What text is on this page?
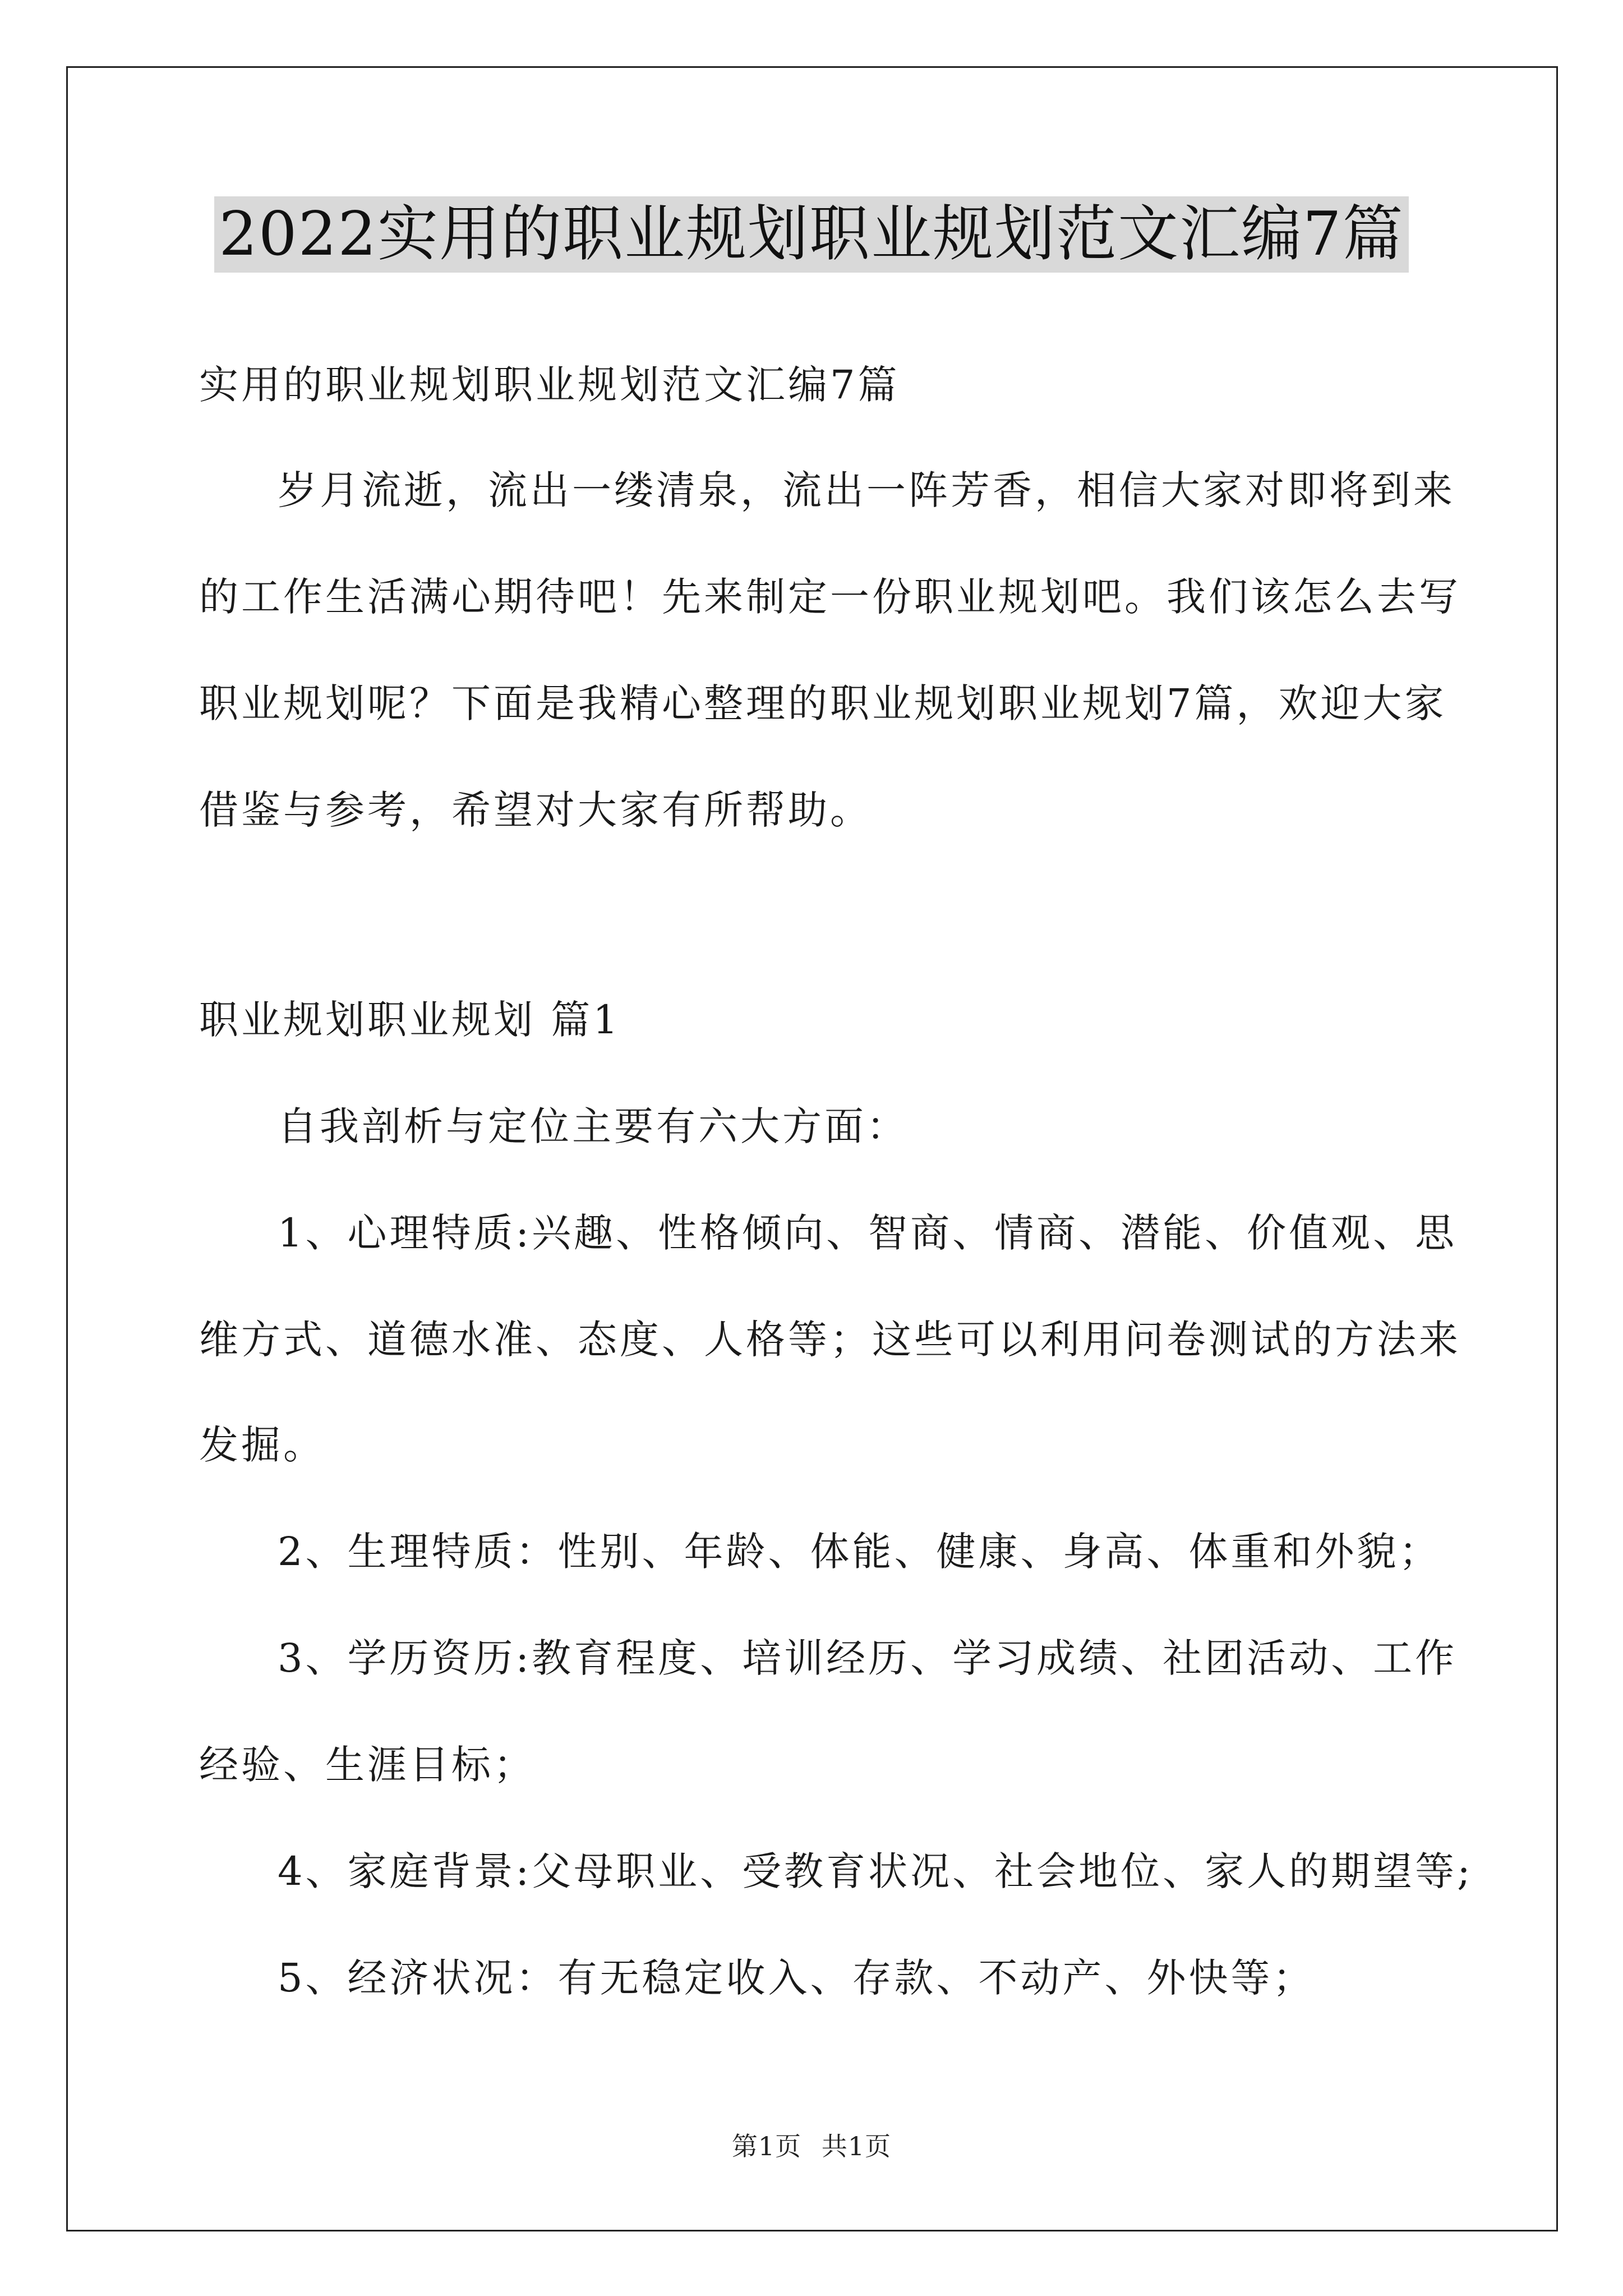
2022实用的职业规划职业规划范文汇编7篇
实用的职业规划职业规划范文汇编7篇
岁月流逝，流出一缕清泉，流出一阵芳香，相信大家对即将到来
的工作生活满心期待吧！先来制定一份职业规划吧。我们该怎么去写
职业规划呢？下面是我精心整理的职业规划职业规划7篇，欢迎大家
借鉴与参考，希望对大家有所帮助。
职业规划职业规划 篇1
自我剖析与定位主要有六大方面：
1、心理特质:兴趣、性格倾向、智商、情商、潜能、价值观、思
维方式、道德水准、态度、人格等；这些可以利用问卷测试的方法来
发掘。
2、生理特质：性别、年龄、体能、健康、身高、体重和外貌；
3、学历资历:教育程度、培训经历、学习成绩、社团活动、工作
经验、生涯目标；
4、家庭背景:父母职业、受教育状况、社会地位、家人的期望等;
5、经济状况：有无稳定收入、存款、不动产、外快等；
第1页 共1页
